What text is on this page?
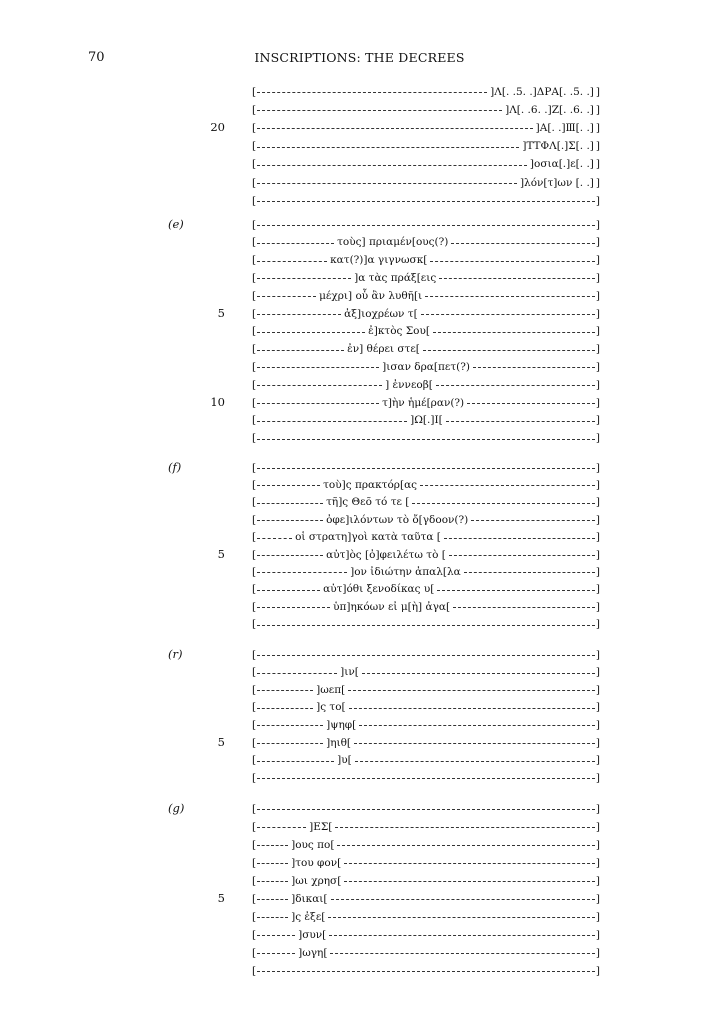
70	INSCRIPTIONS: THE DECREES
[	]Λ[. .5. .]ΔΡΑ[. .5. .] ]
[	]Λ[. .6. .]Ζ[. .6. .] ]
20	[	]Α[. .]Ⅲ[. .] ]
[	]ΤΤΦΛ[.]Σ[. .] ]
[	]οσια[.]ε[. .] ]
[	]λόν[τ]ων [. .] ]
[	]
(e)	[	]
[	τοὺς] πριαμέν[ους(?)	]
[	κατ(?)]α γιγνωσκ[	]
[	]α τὰς πράξ[εις	]
[	μέχρι] οὗ ἂν λυθῆ[ι	]
5	[	ἀξ]ιοχρέων τ[	]
[	ἐ]κτὸς Σου[	]
[	ἐν] θέρει στε[	]
[	]ισαν δρα[πετ(?)	]
[	] ἐννεοβ[	]
10	[	τ]ὴν ἡμέ[ραν(?)	]
[	]Ω[.]Ι[	]
[	]
(f)	[	]
[	τοὺ]ς πρακτόρ[ας	]
[	τῆ]ς Θεõ τό τε [	]
[	ὀφε]ιλόντων τὸ ὄ[γδοον(?)	]
[	οἱ στρατη]γοὶ κατὰ ταῦτα [	]
5	[	αὐτ]ὸς [ὀ]φειλέτω τὸ [	]
[	]ον ἰδιώτην ἀπαλ[λα	]
[	αὐτ]όθι ξενοδίκας υ[	]
[	ὑπ]ηκόων εἰ μ[ὴ] ἀγα[	]
[	]
(r)	[	]
[	]ιν[	]
[	]ωεπ[	]
[	]ς το[	]
[	]ψηφ[	]
5	[	]ηιθ[	]
[	]υ[	]
[	]
(g)	[	]
[	]ΕΣ[	]
[	]ους πο[	]
[	]του φον[	]
[	]ωι χρησ[	]
5	[	]δικαι[	]
[	]ς ἐξε[	]
[	]συν[	]
[	]ωγη[	]
[	]
